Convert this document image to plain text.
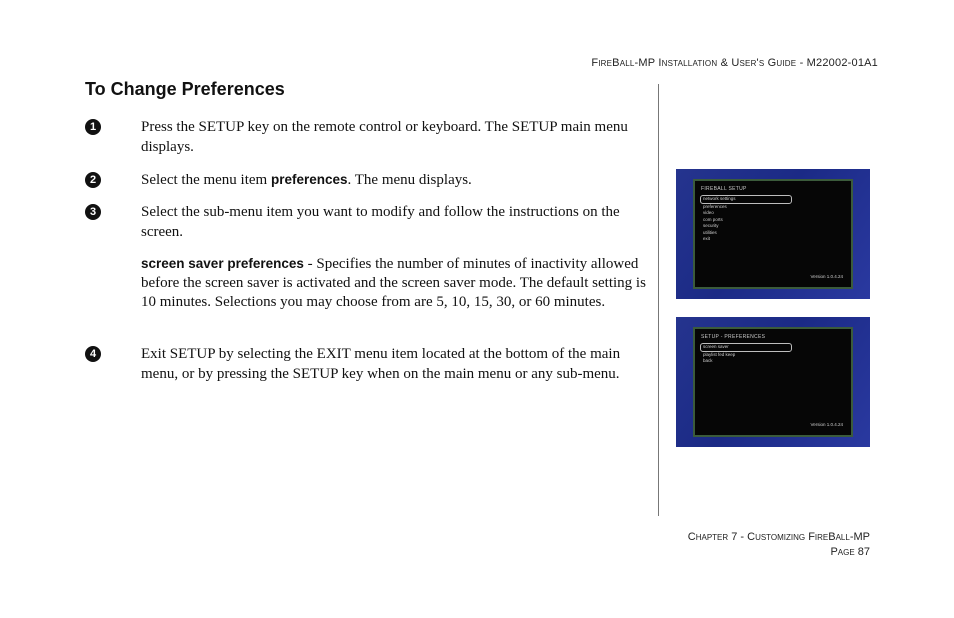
FireBall-MP Installation & User's Guide - M22002-01A1
To Change Preferences
1	Press the SETUP key on the remote control or keyboard. The SETUP main menu displays.
2	Select the menu item preferences. The menu displays.
3	Select the sub-menu item you want to modify and follow the instructions on the screen.
screen saver preferences - Specifies the number of minutes of inactivity allowed before the screen saver is activated and the screen saver mode. The default setting is 10 minutes. Selections you may choose from are 5, 10, 15, 30, or 60 minutes.
4	Exit SETUP by selecting the EXIT menu item located at the bottom of the main menu, or by pressing the SETUP key when on the main menu or any sub-menu.
FIREBALL SETUP
network settings
preferences
video
com ports
security
utilities
exit
Version 1.0.4.24
SETUP - PREFERENCES
screen saver
playlist fed keep
back
Version 1.0.4.24
Chapter 7 - Customizing FireBall-MP
Page 87
